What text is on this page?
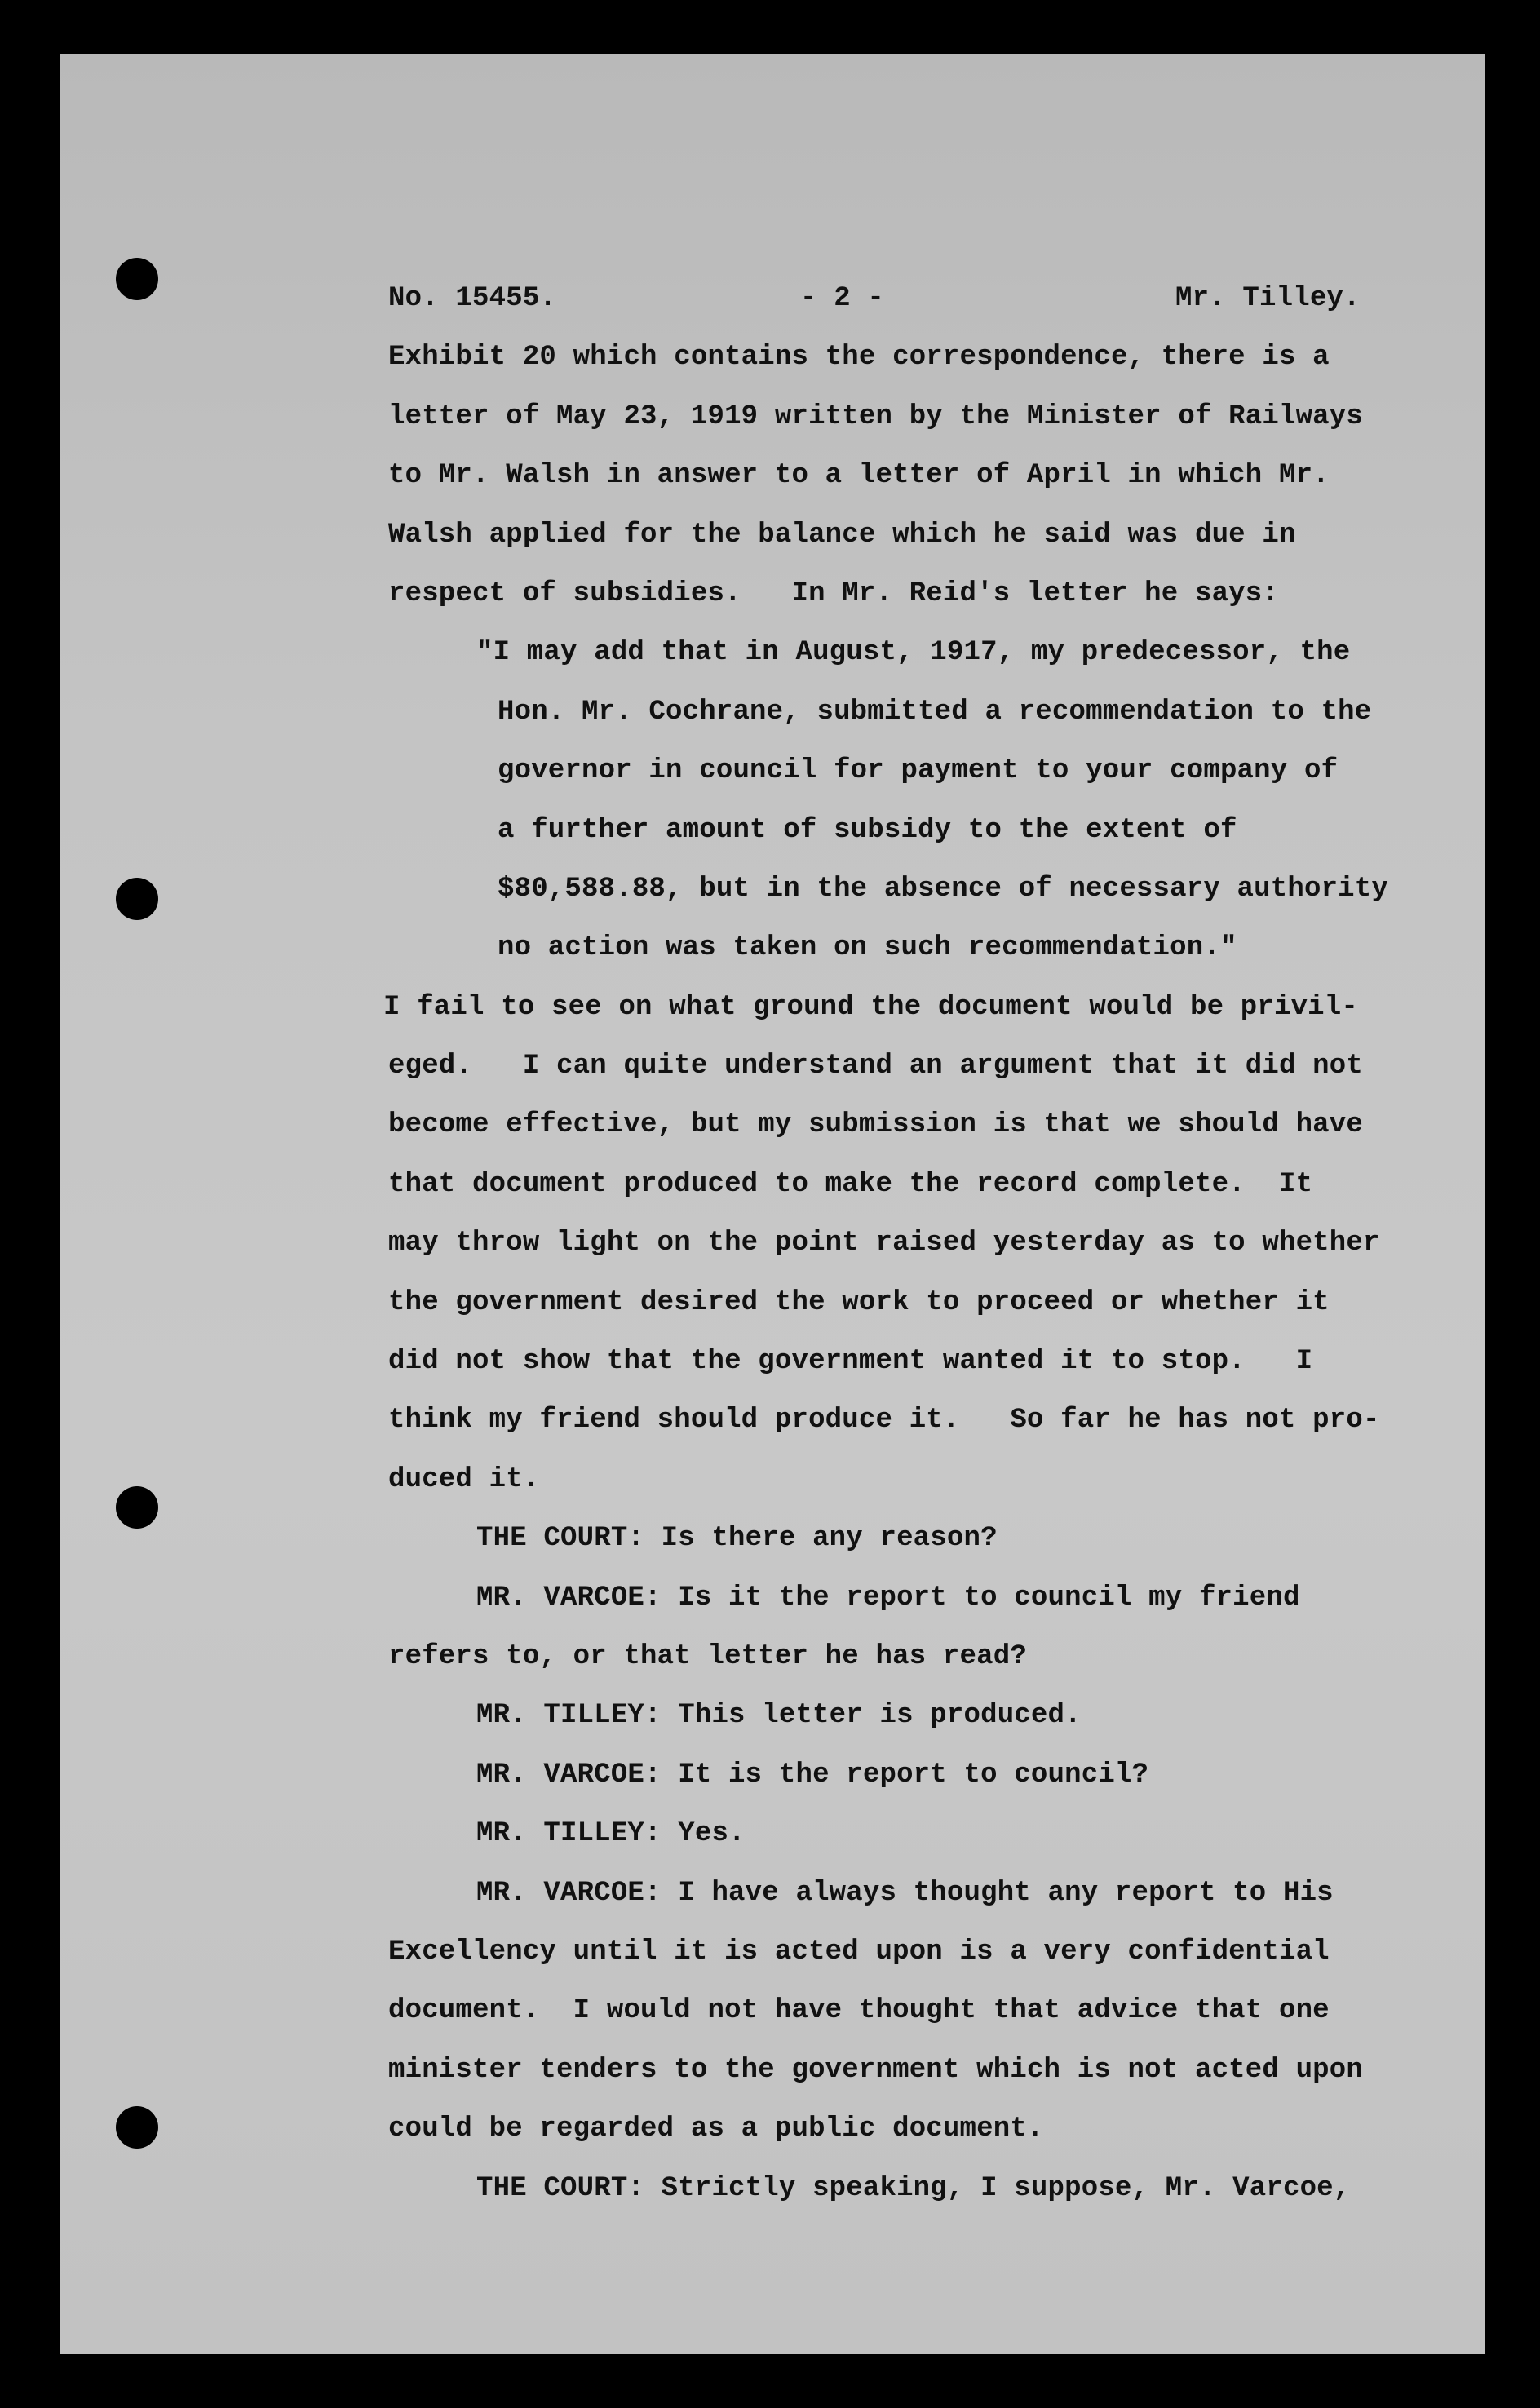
No. 15455.	- 2 -	Mr. Tilley.
Exhibit 20 which contains the correspondence, there is a
letter of May 23, 1919 written by the Minister of Railways
to Mr. Walsh in answer to a letter of April in which Mr.
Walsh applied for the balance which he said was due in
respect of subsidies.   In Mr. Reid's letter he says:
"I may add that in August, 1917, my predecessor, the
Hon. Mr. Cochrane, submitted a recommendation to the
governor in council for payment to your company of
a further amount of subsidy to the extent of
$80,588.88, but in the absence of necessary authority
no action was taken on such recommendation."
I fail to see on what ground the document would be privil-
eged.   I can quite understand an argument that it did not
become effective, but my submission is that we should have
that document produced to make the record complete.  It
may throw light on the point raised yesterday as to whether
the government desired the work to proceed or whether it
did not show that the government wanted it to stop.   I
think my friend should produce it.   So far he has not pro-
duced it.
THE COURT: Is there any reason?
MR. VARCOE: Is it the report to council my friend
refers to, or that letter he has read?
MR. TILLEY: This letter is produced.
MR. VARCOE: It is the report to council?
MR. TILLEY: Yes.
MR. VARCOE: I have always thought any report to His
Excellency until it is acted upon is a very confidential
document.  I would not have thought that advice that one
minister tenders to the government which is not acted upon
could be regarded as a public document.
THE COURT: Strictly speaking, I suppose, Mr. Varcoe,
